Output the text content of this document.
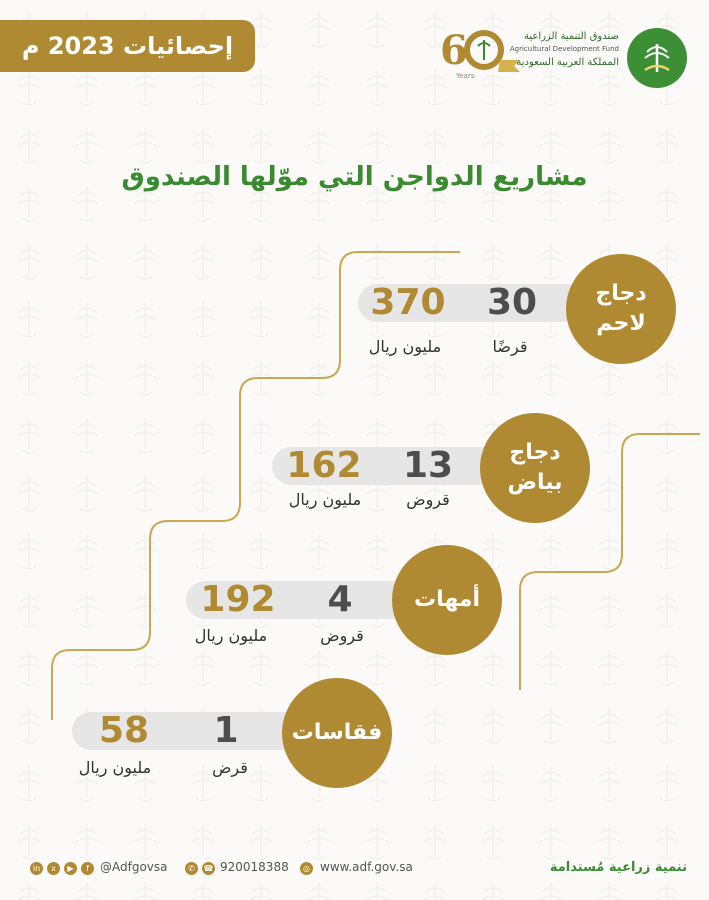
إحصائيات 2023 م	6
Years
صندوق التنمية الزراعية
Agricultural Development Fund
المملكة العربية السعودية
مشاريع الدواجن التي موّلها الصندوق
370	30
مليون ريال	قرضًا
دجاج
لاحم
162	13
مليون ريال	قروض
دجاج
بياض
192	4
مليون ريال	قروض
أمهات
58	1
مليون ريال	قرض
فقاسات
in	x	▶	f @Adfgovsa	✆	☎ 920018388	◎ www.adf.gov.sa	تنمية زراعية مُستدامة
